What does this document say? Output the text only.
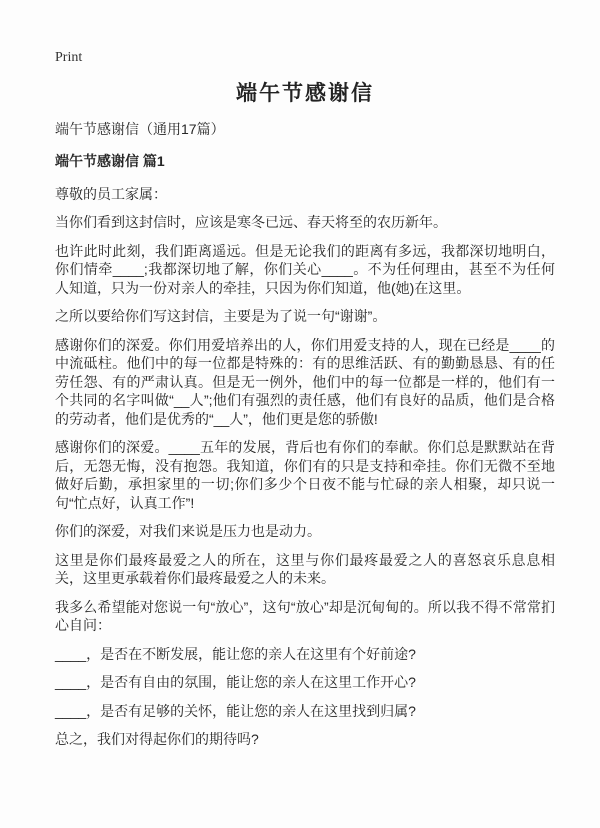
Print
端午节感谢信
端午节感谢信（通用17篇）
端午节感谢信 篇1
尊敬的员工家属：

当你们看到这封信时，应该是寒冬已远、春天将至的农历新年。

也许此时此刻，我们距离遥远。但是无论我们的距离有多远，我都深切地明白，你们情牵____;我都深切地了解，你们关心____。不为任何理由，甚至不为任何人知道，只为一份对亲人的牵挂，只因为你们知道，他(她)在这里。

之所以要给你们写这封信，主要是为了说一句“谢谢”。

感谢你们的深爱。你们用爱培养出的人，你们用爱支持的人，现在已经是____的中流砥柱。他们中的每一位都是特殊的：有的思维活跃、有的勤勤恳恳、有的任劳任怨、有的严肃认真。但是无一例外，他们中的每一位都是一样的，他们有一个共同的名字叫做“__人”;他们有强烈的责任感，他们有良好的品质，他们是合格的劳动者，他们是优秀的“__人”，他们更是您的骄傲!

感谢你们的深爱。____五年的发展，背后也有你们的奉献。你们总是默默站在背后，无怨无悔，没有抱怨。我知道，你们有的只是支持和牵挂。你们无微不至地做好后勤，承担家里的一切;你们多少个日夜不能与忙碌的亲人相聚，却只说一句“忙点好，认真工作”!

你们的深爱，对我们来说是压力也是动力。

这里是你们最疼最爱之人的所在，这里与你们最疼最爱之人的喜怒哀乐息息相关，这里更承载着你们最疼最爱之人的未来。

我多么希望能对您说一句“放心”，这句“放心”却是沉甸甸的。所以我不得不常常扪心自问：

____，是否在不断发展，能让您的亲人在这里有个好前途?

____，是否有自由的氛围，能让您的亲人在这里工作开心?

____，是否有足够的关怀，能让您的亲人在这里找到归属?

总之，我们对得起你们的期待吗?
